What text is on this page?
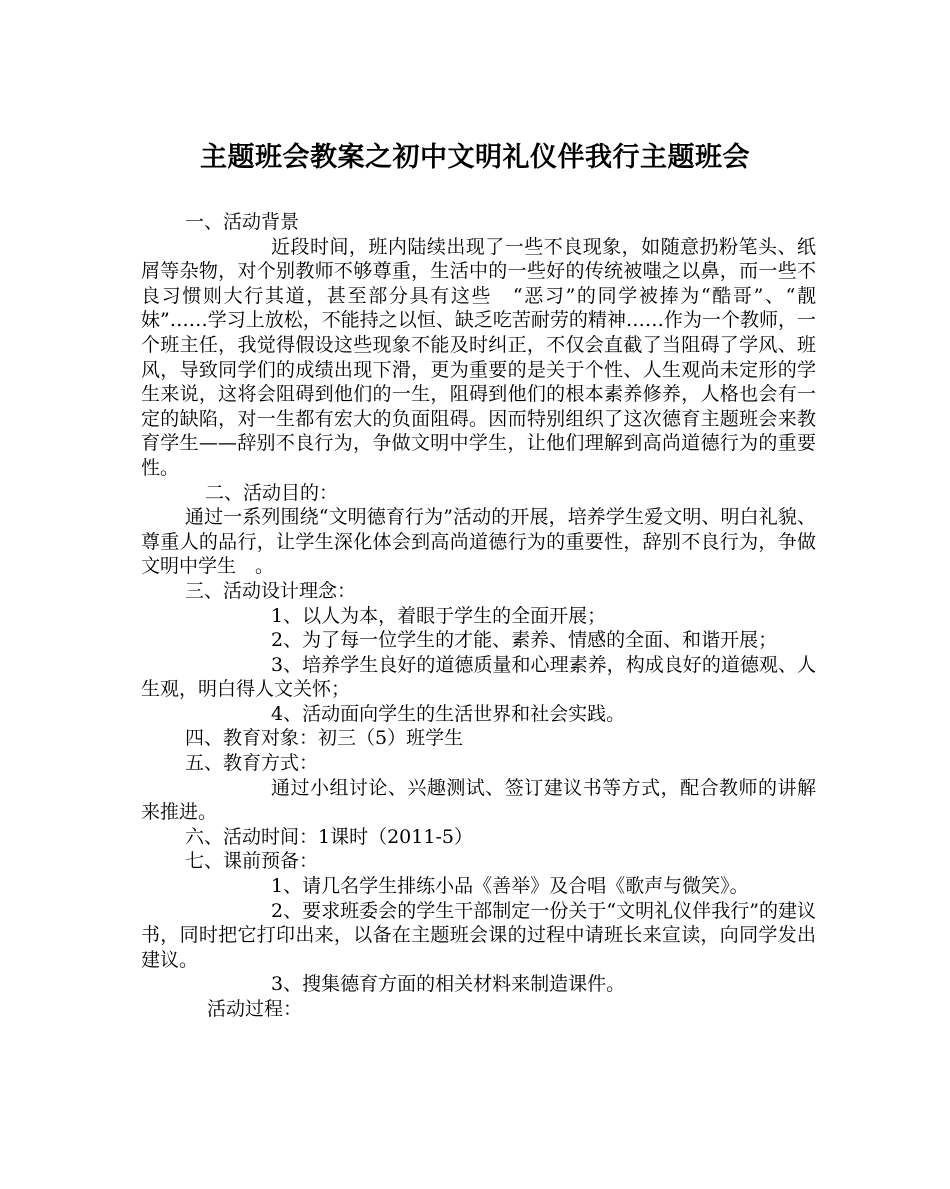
主题班会教案之初中文明礼仪伴我行主题班会

一、活动背景

近段时间，班内陆续出现了一些不良现象，如随意扔粉笔头、纸屑等杂物，对个别教师不够尊重，生活中的一些好的传统被嗤之以鼻，而一些不良习惯则大行其道，甚至部分具有这些　“恶习”的同学被捧为“酷哥”、“靓妹”……学习上放松，不能持之以恒、缺乏吃苦耐劳的精神……作为一个教师，一个班主任，我觉得假设这些现象不能及时纠正，不仅会直截了当阻碍了学风、班风，导致同学们的成绩出现下滑，更为重要的是关于个性、人生观尚未定形的学生来说，这将会阻碍到他们的一生，阻碍到他们的根本素养修养，人格也会有一定的缺陷，对一生都有宏大的负面阻碍。因而特别组织了这次德育主题班会来教育学生——辞别不良行为，争做文明中学生，让他们理解到高尚道德行为的重要性。

二、活动目的：

通过一系列围绕“文明德育行为”活动的开展，培养学生爱文明、明白礼貌、尊重人的品行，让学生深化体会到高尚道德行为的重要性，辞别不良行为，争做文明中学生　。

三、活动设计理念：

1、以人为本，着眼于学生的全面开展；

2、为了每一位学生的才能、素养、情感的全面、和谐开展；

3、培养学生良好的道德质量和心理素养，构成良好的道德观、人生观，明白得人文关怀；

4、活动面向学生的生活世界和社会实践。

四、教育对象：初三（5）班学生

五、教育方式：

通过小组讨论、兴趣测试、签订建议书等方式，配合教师的讲解来推进。

六、活动时间：1课时（2011-5）

七、课前预备：

1、请几名学生排练小品《善举》及合唱《歌声与微笑》。

2、要求班委会的学生干部制定一份关于“文明礼仪伴我行”的建议书，同时把它打印出来，以备在主题班会课的过程中请班长来宣读，向同学发出建议。

3、搜集德育方面的相关材料来制造课件。

活动过程：
